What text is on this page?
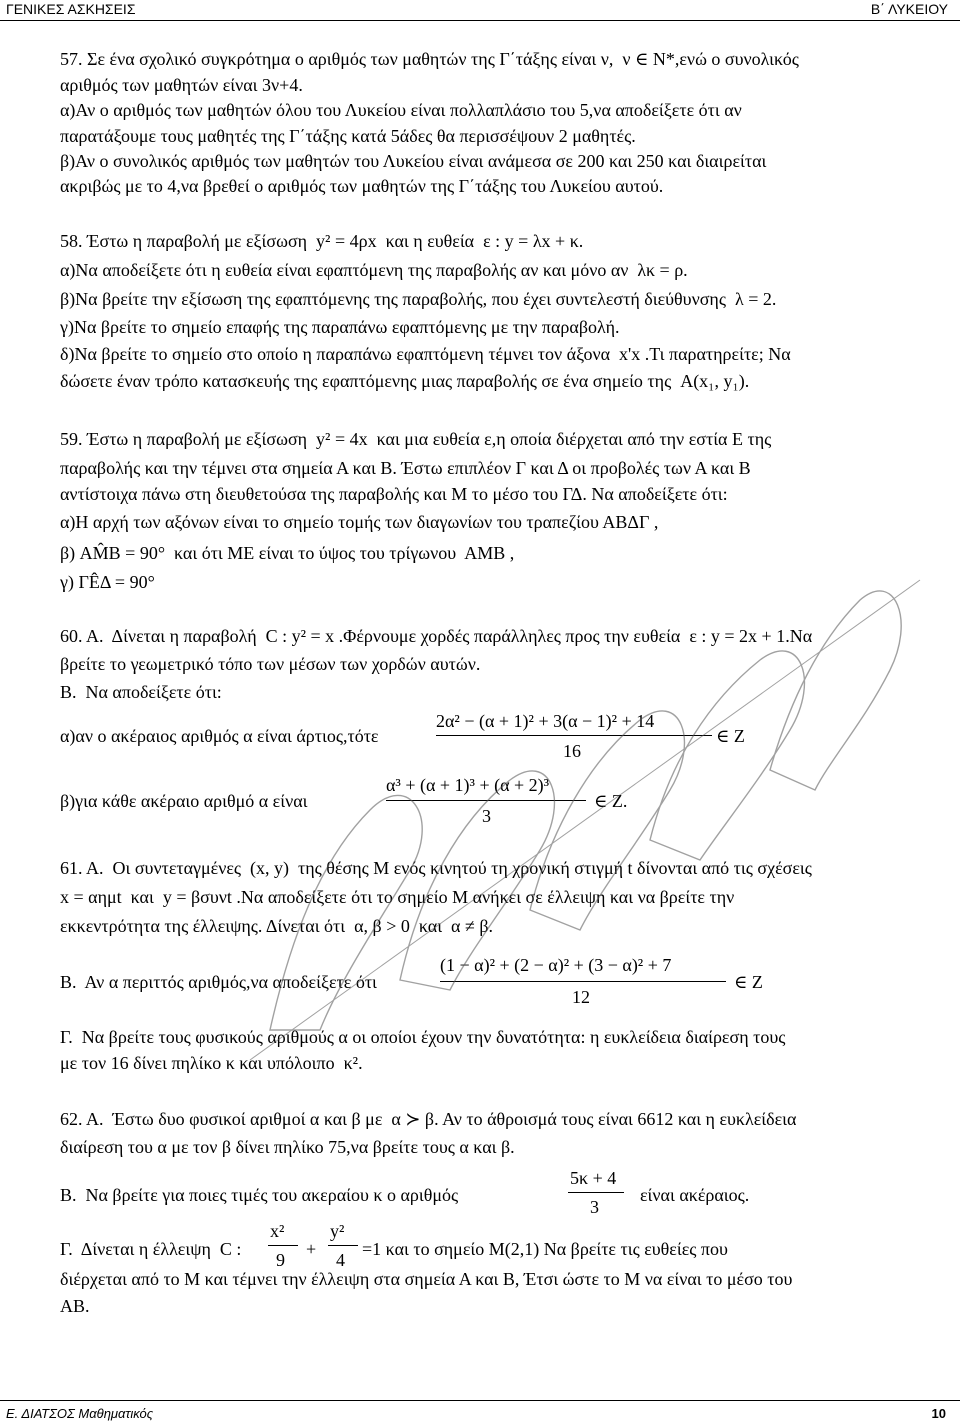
ΓΕΝΙΚΕΣ ΑΣΚΗΣΕΙΣ	Β΄ ΛΥΚΕΙΟΥ
57. Σε ένα σχολικό συγκρότημα ο αριθμός των μαθητών της Γ΄τάξης είναι ν,  ν ∈ N*,ενώ ο συνολικός
αριθμός των μαθητών είναι 3ν+4.
α)Αν ο αριθμός των μαθητών όλου του Λυκείου είναι πολλαπλάσιο του 5,να αποδείξετε ότι αν
παρατάξουμε τους μαθητές της Γ΄τάξης κατά 5άδες θα περισσέψουν 2 μαθητές.
β)Αν ο συνολικός αριθμός των μαθητών του Λυκείου είναι ανάμεσα σε 200 και 250 και διαιρείται
ακριβώς με το 4,να βρεθεί ο αριθμός των μαθητών της Γ΄τάξης του Λυκείου αυτού.
58. Έστω η παραβολή με εξίσωση  y² = 4ρx  και η ευθεία  ε : y = λx + κ.
α)Να αποδείξετε ότι η ευθεία είναι εφαπτόμενη της παραβολής αν και μόνο αν  λκ = ρ.
β)Να βρείτε την εξίσωση της εφαπτόμενης της παραβολής, που έχει συντελεστή διεύθυνσης  λ = 2.
γ)Να βρείτε το σημείο επαφής της παραπάνω εφαπτόμενης με την παραβολή.
δ)Να βρείτε το σημείο στο οποίο η παραπάνω εφαπτόμενη τέμνει τον άξονα  x'x .Τι παρατηρείτε; Να
δώσετε έναν τρόπο κατασκευής της εφαπτόμενης μιας παραβολής σε ένα σημείο της  A(x₁, y₁).
59. Έστω η παραβολή με εξίσωση  y² = 4x  και μια ευθεία ε,η οποία διέρχεται από την εστία Ε της
παραβολής και την τέμνει στα σημεία Α και Β. Έστω επιπλέον Γ και Δ οι προβολές των Α και Β
αντίστοιχα πάνω στη διευθετούσα της παραβολής και Μ το μέσο του ΓΔ. Να αποδείξετε ότι:
α)Η αρχή των αξόνων είναι το σημείο τομής των διαγωνίων του τραπεζίου ΑΒΔΓ ,
β) AM̂B = 90°  και ότι ΜΕ είναι το ύψος του τρίγωνου  ΑΜΒ ,
γ) ΓÊΔ = 90°
60. Α.  Δίνεται η παραβολή  C : y² = x .Φέρνουμε χορδές παράλληλες προς την ευθεία  ε : y = 2x + 1.Να
βρείτε το γεωμετρικό τόπο των μέσων των χορδών αυτών.
Β.  Να αποδείξετε ότι:
α)αν ο ακέραιος αριθμός α είναι άρτιος,τότε
2α² − (α + 1)² + 3(α − 1)² + 14
16
∈ Z
β)για κάθε ακέραιο αριθμό α είναι
α³ + (α + 1)³ + (α + 2)³
3
∈ Z.
61. Α.  Οι συντεταγμένες  (x, y)  της θέσης Μ ενός κινητού τη χρονική στιγμή t δίνονται από τις σχέσεις
x = αημt  και  y = βσυνt .Να αποδείξετε ότι το σημείο Μ ανήκει σε έλλειψη και να βρείτε την
εκκεντρότητα της έλλειψης. Δίνεται ότι  α, β > 0  και  α ≠ β.
Β.  Αν α περιττός αριθμός,να αποδείξετε ότι
(1 − α)² + (2 − α)² + (3 − α)² + 7
12
∈ Z
Γ.  Να βρείτε τους φυσικούς αριθμούς α οι οποίοι έχουν την δυνατότητα: η ευκλείδεια διαίρεση τους
με τον 16 δίνει πηλίκο κ και υπόλοιπο  κ².
62. Α.  Έστω δυο φυσικοί αριθμοί α και β με  α ≻ β. Αν το άθροισμά τους είναι 6612 και η ευκλείδεια
διαίρεση του α με τον β δίνει πηλίκο 75,να βρείτε τους α και β.
Β.  Να βρείτε για ποιες τιμές του ακεραίου κ ο αριθμός
5κ + 4
3
είναι ακέραιος.
Γ.  Δίνεται η έλλειψη  C :
x²
9
+
y²
4
=1 και το σημείο M(2,1) Να βρείτε τις ευθείες που
διέρχεται από το Μ και τέμνει την έλλειψη στα σημεία Α και Β, Έτσι ώστε το Μ να είναι το μέσο του
ΑΒ.
Ε. ΔΙΑΤΣΟΣ Μαθηματικός	10
